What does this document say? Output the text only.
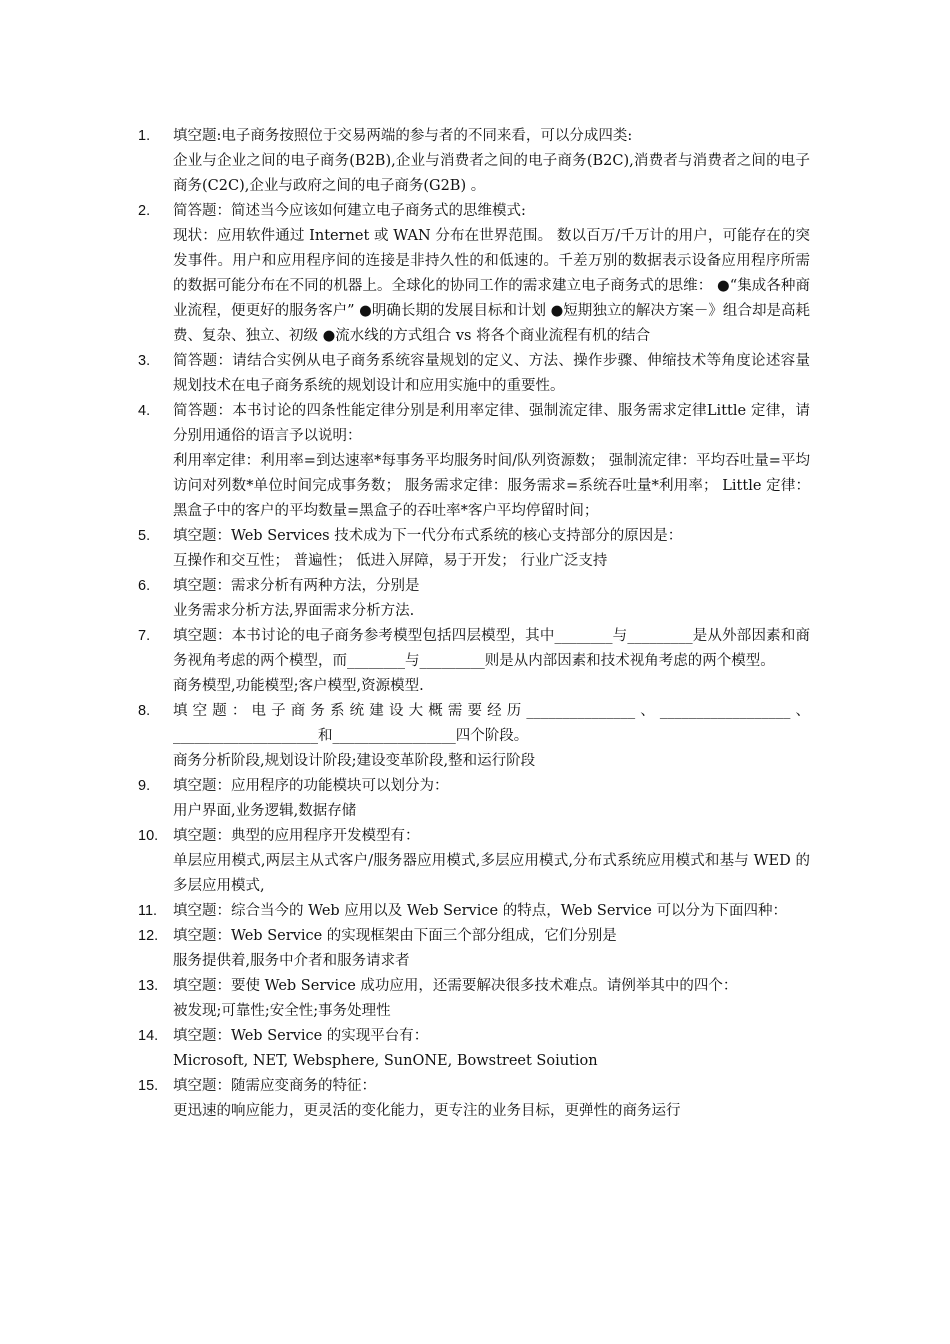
1.	填空题:电子商务按照位于交易两端的参与者的不同来看，可以分成四类:

企业与企业之间的电子商务(B2B),企业与消费者之间的电子商务(B2C),消费者与消费者之间的电子商务(C2C),企业与政府之间的电子商务(G2B) 。

2.	简答题：简述当今应该如何建立电子商务式的思维模式:

现状：应用软件通过 Internet 或 WAN 分布在世界范围。 数以百万/千万计的用户，可能存在的突发事件。用户和应用程序间的连接是非持久性的和低速的。千差万别的数据表示设备应用程序所需的数据可能分布在不同的机器上。全球化的协同工作的需求建立电子商务式的思维： ●“集成各种商业流程，便更好的服务客户” ●明确长期的发展目标和计划 ●短期独立的解决方案－》组合却是高耗费、复杂、独立、初级 ●流水线的方式组合 vs 将各个商业流程有机的结合

3.	简答题：请结合实例从电子商务系统容量规划的定义、方法、操作步骤、伸缩技术等角度论述容量规划技术在电子商务系统的规划设计和应用实施中的重要性。

4.	简答题：本书讨论的四条性能定律分别是利用率定律、强制流定律、服务需求定律Little 定律，请分别用通俗的语言予以说明：

利用率定律：利用率=到达速率*每事务平均服务时间/队列资源数； 强制流定律：平均吞吐量=平均访问对列数*单位时间完成事务数； 服务需求定律：服务需求=系统吞吐量*利用率； Little 定律：黑盒子中的客户的平均数量=黑盒子的吞吐率*客户平均停留时间；

5.	填空题：Web Services 技术成为下一代分布式系统的核心支持部分的原因是：

互操作和交互性； 普遍性； 低进入屏障，易于开发； 行业广泛支持

6.	填空题：需求分析有两种方法，分别是

业务需求分析方法,界面需求分析方法.

7.	填空题：本书讨论的电子商务参考模型包括四层模型，其中________与_________是从外部因素和商务视角考虑的两个模型，而________与_________则是从内部因素和技术视角考虑的两个模型。

商务模型,功能模型;客户模型,资源模型.

8.	填空题：电子商务系统建设大概需要经历_______________、__________________、____________________和_________________四个阶段。

商务分析阶段,规划设计阶段;建设变革阶段,整和运行阶段

9.	填空题：应用程序的功能模块可以划分为：

用户界面,业务逻辑,数据存储

10.	填空题：典型的应用程序开发模型有：

单层应用模式,两层主从式客户/服务器应用模式,多层应用模式,分布式系统应用模式和基与 WED 的多层应用模式,

11.	填空题：综合当今的 Web 应用以及 Web Service 的特点，Web Service 可以分为下面四种：

12.	填空题：Web Service 的实现框架由下面三个部分组成，它们分别是

服务提供着,服务中介者和服务请求者

13.	填空题：要使 Web Service 成功应用，还需要解决很多技术难点。请例举其中的四个：

被发现;可靠性;安全性;事务处理性

14.	填空题：Web Service 的实现平台有：

Microsoft, NET, Websphere, SunONE, Bowstreet Soiution

15.	填空题：随需应变商务的特征：

更迅速的响应能力，更灵活的变化能力，更专注的业务目标，更弹性的商务运行
